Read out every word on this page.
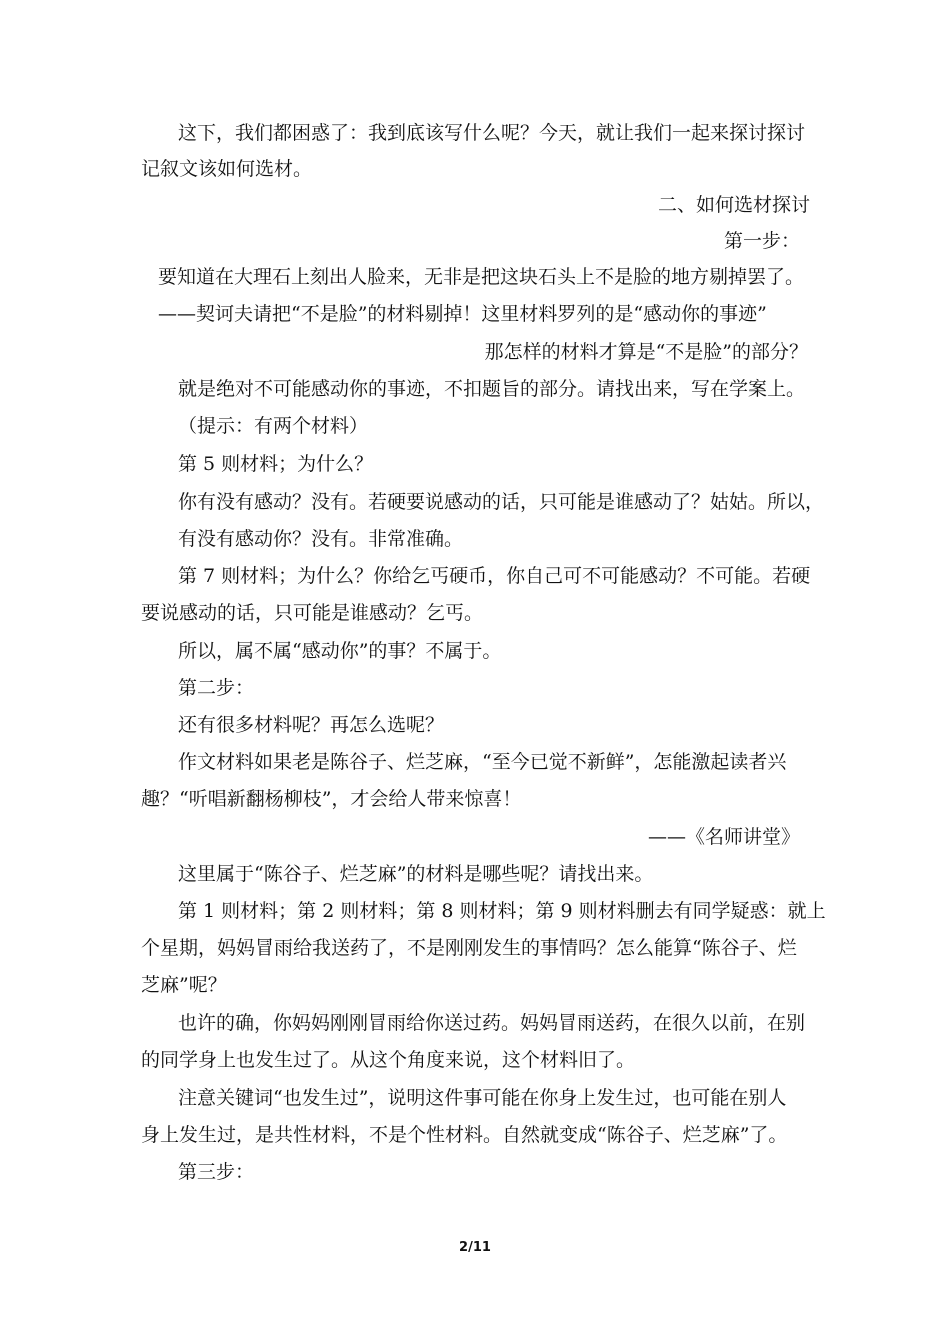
这下，我们都困惑了：我到底该写什么呢？今天，就让我们一起来探讨探讨
记叙文该如何选材。
二、如何选材探讨
第一步：
要知道在大理石上刻出人脸来，无非是把这块石头上不是脸的地方剔掉罢了。
——契诃夫请把“不是脸”的材料剔掉！这里材料罗列的是“感动你的事迹”
那怎样的材料才算是“不是脸”的部分？
就是绝对不可能感动你的事迹，不扣题旨的部分。请找出来，写在学案上。
（提示：有两个材料）
第 5 则材料；为什么？
你有没有感动？没有。若硬要说感动的话，只可能是谁感动了？姑姑。所以，
有没有感动你？没有。非常准确。
第 7 则材料；为什么？你给乞丐硬币，你自己可不可能感动？不可能。若硬
要说感动的话，只可能是谁感动？乞丐。
所以，属不属“感动你”的事？不属于。
第二步：
还有很多材料呢？再怎么选呢？
作文材料如果老是陈谷子、烂芝麻，“至今已觉不新鲜”，怎能激起读者兴
趣？“听唱新翻杨柳枝”，才会给人带来惊喜！
——《名师讲堂》
这里属于“陈谷子、烂芝麻”的材料是哪些呢？请找出来。
第 1 则材料；第 2 则材料；第 8 则材料；第 9 则材料删去有同学疑惑：就上
个星期，妈妈冒雨给我送药了，不是刚刚发生的事情吗？怎么能算“陈谷子、烂
芝麻”呢？
也许的确，你妈妈刚刚冒雨给你送过药。妈妈冒雨送药，在很久以前，在别
的同学身上也发生过了。从这个角度来说，这个材料旧了。
注意关键词“也发生过”，说明这件事可能在你身上发生过，也可能在别人
身上发生过，是共性材料，不是个性材料。自然就变成“陈谷子、烂芝麻”了。
第三步：
2/11
